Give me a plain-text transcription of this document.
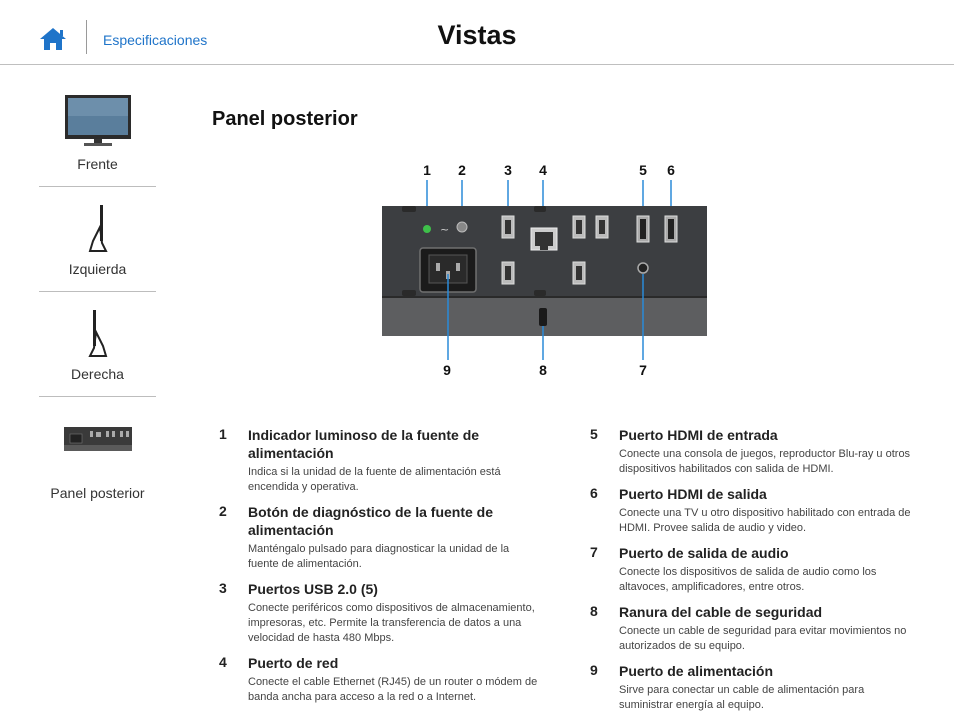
Especificaciones	Vistas
Frente
Izquierda
Derecha
Panel posterior
Panel posterior
1 2	3 4	5 6
~
9	8	7
1 Indicador luminoso de la fuente de alimentación
Indica si la unidad de la fuente de alimentación está encendida y operativa.
2 Botón de diagnóstico de la fuente de alimentación
Manténgalo pulsado para diagnosticar la unidad de la fuente de alimentación.
3 Puertos USB 2.0 (5)
Conecte periféricos como dispositivos de almacenamiento, impresoras, etc. Permite la transferencia de datos a una velocidad de hasta 480 Mbps.
4 Puerto de red
Conecte el cable Ethernet (RJ45) de un router o módem de banda ancha para acceso a la red o a Internet.
5 Puerto HDMI de entrada
Conecte una consola de juegos, reproductor Blu-ray u otros dispositivos habilitados con salida de HDMI.
6 Puerto HDMI de salida
Conecte una TV u otro dispositivo habilitado con entrada de HDMI. Provee salida de audio y video.
7 Puerto de salida de audio
Conecte los dispositivos de salida de audio como los altavoces, amplificadores, entre otros.
8 Ranura del cable de seguridad
Conecte un cable de seguridad para evitar movimientos no autorizados de su equipo.
9 Puerto de alimentación
Sirve para conectar un cable de alimentación para suministrar energía al equipo.
